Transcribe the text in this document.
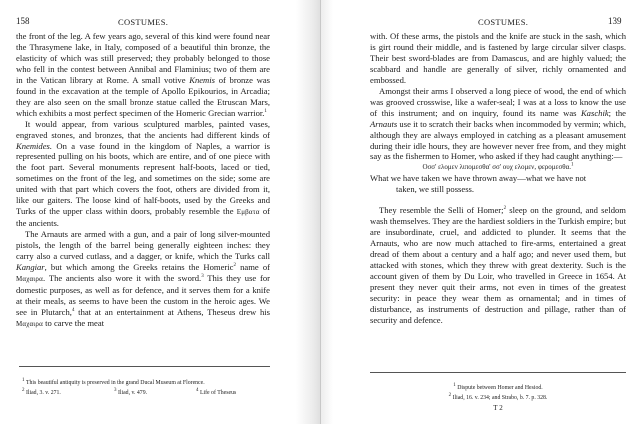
158	COSTUMES.

the front of the leg. A few years ago, several of this kind were found near the Thrasymene lake, in Italy, composed of a beautiful thin bronze, the elasticity of which was still preserved; they probably belonged to those who fell in the contest between Annibal and Flaminius; two of them are in the Vatican library at Rome. A small votive Knemis of bronze was found in the excavation at the temple of Apollo Epikourios, in Arcadia; they are also seen on the small bronze statue called the Etruscan Mars, which exhibits a most perfect specimen of the Homeric Grecian warrior.$^1$

It would appear, from various sculptured marbles, painted vases, engraved stones, and bronzes, that the ancients had different kinds of Knemides. On a vase found in the kingdom of Naples, a warrior is represented pulling on his boots, which are entire, and of one piece with the foot part. Several monuments represent half-boots, laced or tied, sometimes on the front of the leg, and sometimes on the side; some are united with that part which covers the foot, others are divided from it, like our gaiters. The loose kind of half-boots, used by the Greeks and Turks of the upper class within doors, probably resemble the Εμβατα of the ancients.

The Arnauts are armed with a gun, and a pair of long silver-mounted pistols, the length of the barrel being generally eighteen inches: they carry also a curved cutlass, and a dagger, or knife, which the Turks call Kangiar, but which among the Greeks retains the Homeric$^2$ name of Μαχαιρα. The ancients also wore it with the sword.$^3$ This they use for domestic purposes, as well as for defence, and it serves them for a knife at their meals, as seems to have been the custom in the heroic ages. We see in Plutarch,$^4$ that at an entertainment at Athens, Theseus drew his Μαχαιρα to carve the meat

$^1$ This beautiful antiquity is preserved in the grand Ducal Museum at Florence.
$^2$ Iliad, 3. v. 271.	$^3$ Iliad, v. 479.	$^4$ Life of Theseus
COSTUMES.	139

with. Of these arms, the pistols and the knife are stuck in the sash, which is girt round their middle, and is fastened by large circular silver clasps. Their best sword-blades are from Damascus, and are highly valued; the scabbard and handle are generally of silver, richly ornamented and embossed.

Amongst their arms I observed a long piece of wood, the end of which was grooved crosswise, like a wafer-seal; I was at a loss to know the use of this instrument; and on inquiry, found its name was Kaschik; the Arnauts use it to scratch their backs when incommoded by vermin; which, although they are always employed in catching as a pleasant amusement during their idle hours, they are however never free from, and they might say as the fishermen to Homer, who asked if they had caught anything:—

Οσσ' ελομεν λιπομεσθα' σσ' ουχ ελομεν, φερομεσθα.$^1$

What we have taken we have thrown away—what we have not
taken, we still possess.

They resemble the Selli of Homer;$^2$ sleep on the ground, and seldom wash themselves. They are the hardiest soldiers in the Turkish empire; but are insubordinate, cruel, and addicted to plunder. It seems that the Arnauts, who are now much attached to fire-arms, entertained a great dread of them about a century and a half ago; and never used them, but attacked with stones, which they threw with great dexterity. Such is the account given of them by Du Loir, who travelled in Greece in 1654. At present they never quit their arms, not even in times of the greatest security: in peace they wear them as ornamental; and in times of disturbance, as instruments of destruction and pillage, rather than of security and defence.

$^1$ Dispute between Homer and Hesiod.
$^2$ Iliad, 16. v. 234; and Strabo, b. 7. p. 328.
T 2
